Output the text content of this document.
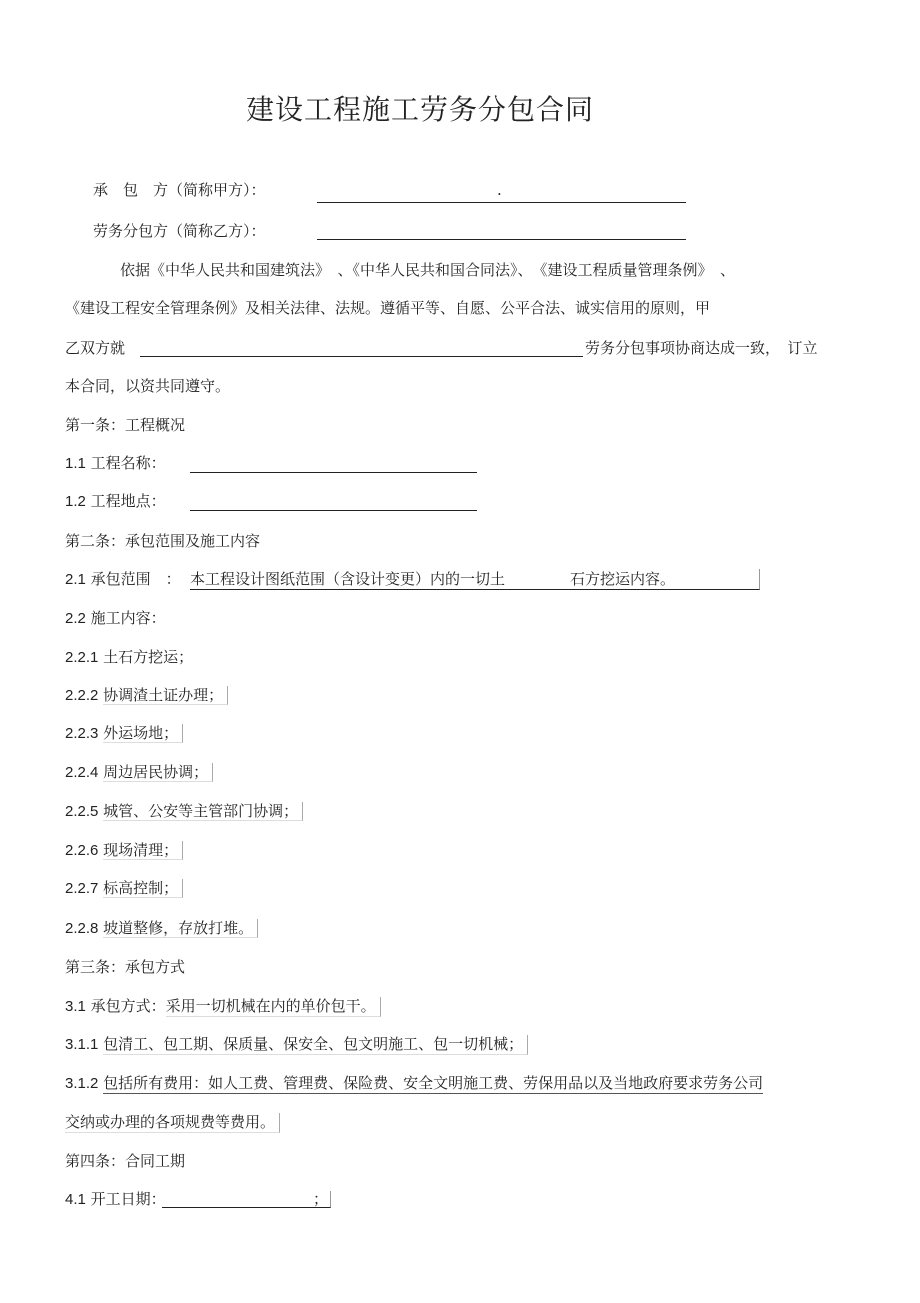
建设工程施工劳务分包合同
承　包　方（简称甲方）：	.
劳务分包方（简称乙方）：
依据《中华人民共和国建筑法》　、《中华人民共和国合同法》、　《建设工程质量管理条例》　、
《建设工程安全管理条例》及相关法律、法规。遵循平等、自愿、公平合法、诚实信用的原则，甲
乙双方就	劳务分包事项协商达成一致，　订立
本合同，以资共同遵守。
第一条：工程概况
1.1 工程名称：
1.2 工程地点：
第二条：承包范围及施工内容
2.1 承包范围　： 本工程设计图纸范围（含设计变更）内的一切土	石方挖运内容。
2.2 施工内容：
2.2.1 土石方挖运；
2.2.2 协调渣土证办理；
2.2.3 外运场地；
2.2.4 周边居民协调；
2.2.5 城管、公安等主管部门协调；
2.2.6 现场清理；
2.2.7 标高控制；
2.2.8 坡道整修，存放打堆。
第三条：承包方式
3.1 承包方式：采用一切机械在内的单价包干。
3.1.1 包清工、包工期、保质量、保安全、包文明施工、包一切机械；
3.1.2 包括所有费用：如人工费、管理费、保险费、安全文明施工费、劳保用品以及当地政府要求劳务公司
交纳或办理的各项规费等费用。
第四条：合同工期
4.1 开工日期：	；
